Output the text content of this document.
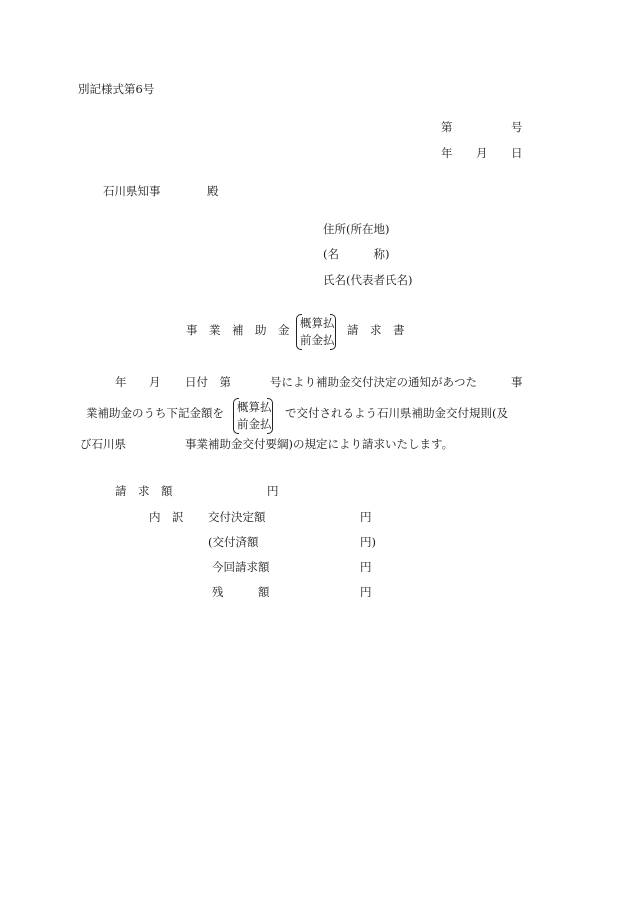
別記様式第6号
第	号
年 月 日
石川県知事	殿
住所(所在地)
(名　　　称)
氏名(代表者氏名)
事　業　補　助　金 概算払
前金払
請　求　書
年 月 日付　第	号により補助金交付決定の通知があつた	事
業補助金のうち下記金額を 概算払
前金払
で交付されるよう石川県補助金交付規則(及
び石川県	事業補助金交付要綱)の規定により請求いたします。
請　求　額	円
内　訳 交付決定額	円
(交付済額	円)
今回請求額	円
残　　　額	円
